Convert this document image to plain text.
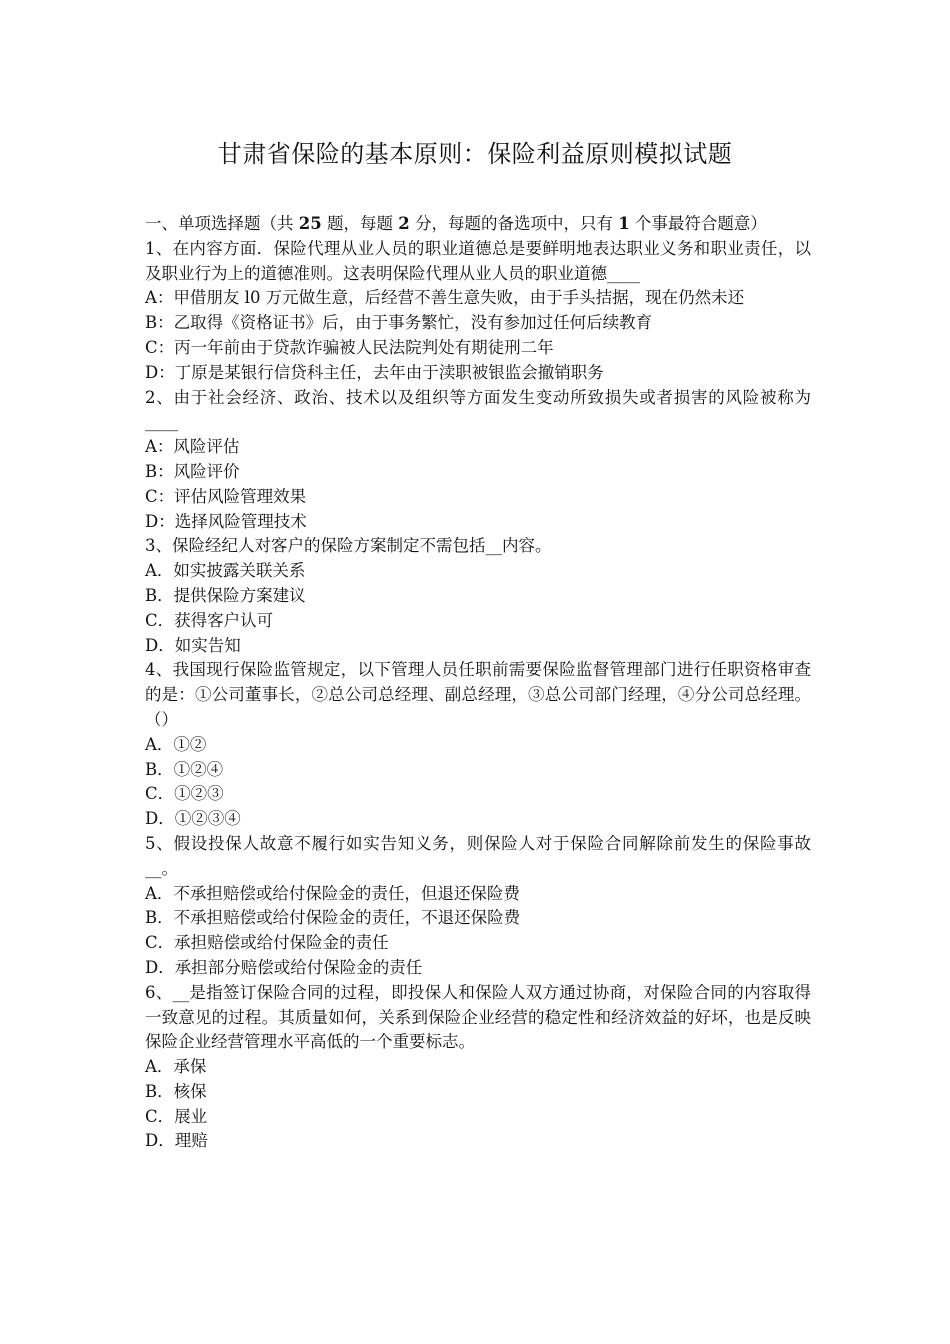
甘肃省保险的基本原则：保险利益原则模拟试题

一、单项选择题（共 25 题，每题 2 分，每题的备选项中，只有 1 个事最符合题意）

1、在内容方面．保险代理从业人员的职业道德总是要鲜明地表达职业义务和职业责任，以及职业行为上的道德准则。这表明保险代理从业人员的职业道德____

A：甲借朋友 l0 万元做生意，后经营不善生意失败，由于手头拮据，现在仍然未还

B：乙取得《资格证书》后，由于事务繁忙，没有参加过任何后续教育

C：丙一年前由于贷款诈骗被人民法院判处有期徒刑二年

D：丁原是某银行信贷科主任，去年由于渎职被银监会撤销职务

2、由于社会经济、政治、技术以及组织等方面发生变动所致损失或者损害的风险被称为____

A：风险评估

B：风险评价

C：评估风险管理效果

D：选择风险管理技术

3、保险经纪人对客户的保险方案制定不需包括__内容。

A．如实披露关联关系

B．提供保险方案建议

C．获得客户认可

D．如实告知

4、我国现行保险监管规定，以下管理人员任职前需要保险监督管理部门进行任职资格审查的是：①公司董事长，②总公司总经理、副总经理，③总公司部门经理，④分公司总经理。（）

A．①②

B．①②④

C．①②③

D．①②③④

5、假设投保人故意不履行如实告知义务，则保险人对于保险合同解除前发生的保险事故__。

A．不承担赔偿或给付保险金的责任，但退还保险费

B．不承担赔偿或给付保险金的责任，不退还保险费

C．承担赔偿或给付保险金的责任

D．承担部分赔偿或给付保险金的责任

6、__是指签订保险合同的过程，即投保人和保险人双方通过协商，对保险合同的内容取得一致意见的过程。其质量如何，关系到保险企业经营的稳定性和经济效益的好坏，也是反映保险企业经营管理水平高低的一个重要标志。

A．承保

B．核保

C．展业

D．理赔
